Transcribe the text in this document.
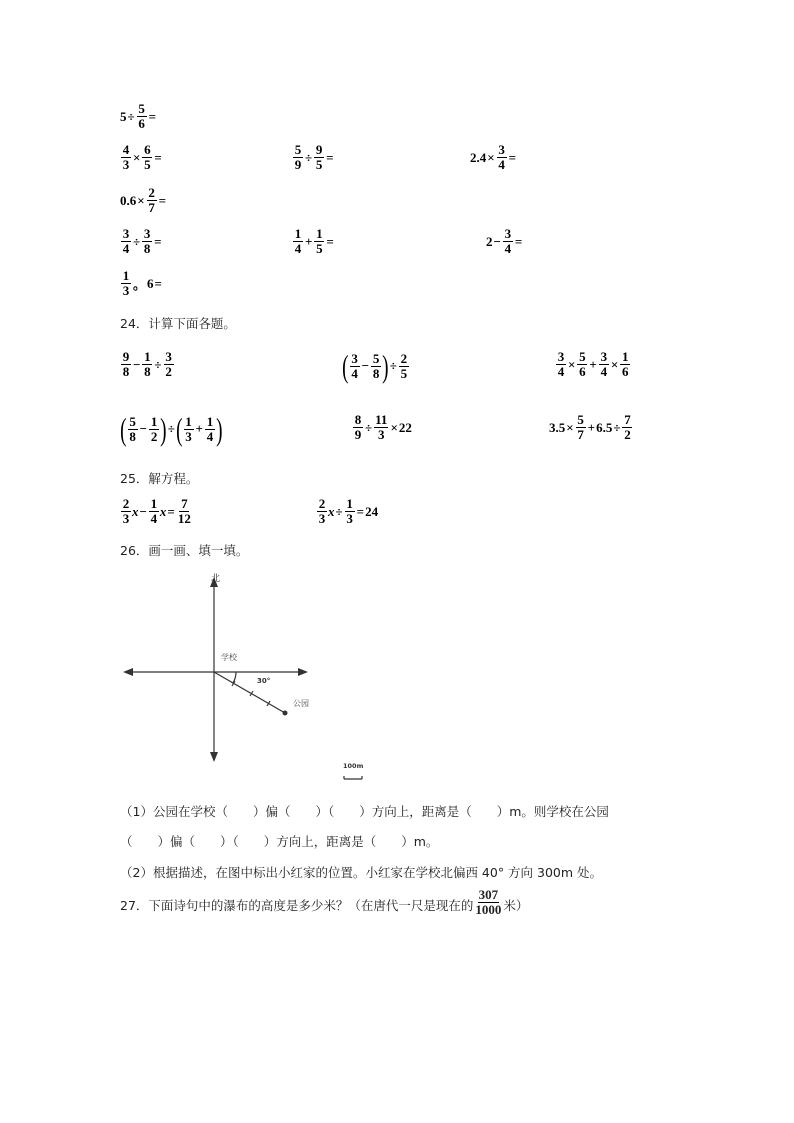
$5 \div \frac{5}{6}$ =
$\frac{4}{3} \times \frac{6}{5}$ =	$\frac{5}{9} \div \frac{9}{5}$ =	$2.4 \times \frac{3}{4}$ =
$0.6 \times \frac{2}{7}$ =
$\frac{3}{4} \div \frac{3}{8}$ =	$\frac{1}{4} + \frac{1}{5}$ =	$2 - \frac{3}{4}$ =
$\frac{1}{3}$ 。 6 =
24．计算下面各题。
$\frac{9}{8} - \frac{1}{8} \div \frac{3}{2}$	( $\frac{3}{4} - \frac{5}{8}$ ) ÷ $\frac{2}{5}$	$\frac{3}{4} \times \frac{5}{6} + \frac{3}{4} \times \frac{1}{6}$
( $\frac{5}{8} - \frac{1}{2}$ ) ÷ ( $\frac{1}{3} + \frac{1}{4}$ )	$\frac{8}{9} \div \frac{11}{3} \times 22$	$3.5 \times \frac{5}{7} + 6.5 \div \frac{7}{2}$
25．解方程。
$\frac{2}{3}$ $x - \frac{1}{4}$ $x = \frac{7}{12}$	$\frac{2}{3}$ $x \div \frac{1}{3} = 24$
26．画一画、填一填。
北
学校
30°
公园
100m
（1）公园在学校（　　）偏（　　）（　　）方向上，距离是（　　）m。则学校在公园
（　　）偏（　　）（　　）方向上，距离是（　　）m。
（2）根据描述，在图中标出小红家的位置。小红家在学校北偏西 40° 方向 300m 处。
27．下面诗句中的瀑布的高度是多少米？（在唐代一尺是现在的 $\frac{307}{1000}$ 米）
